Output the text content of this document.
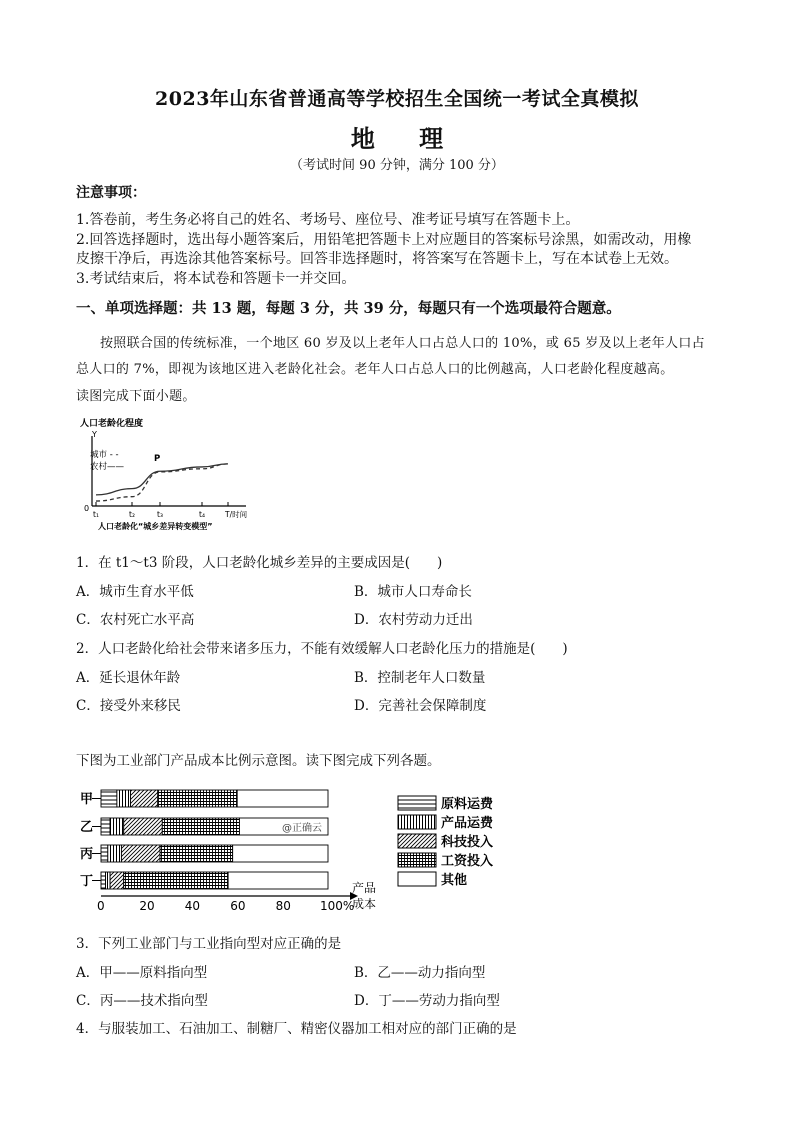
2023年山东省普通高等学校招生全国统一考试全真模拟
地 理
（考试时间 90 分钟，满分 100 分）
注意事项：
1.答卷前，考生务必将自己的姓名、考场号、座位号、准考证号填写在答题卡上。
2.回答选择题时，选出每小题答案后，用铅笔把答题卡上对应题目的答案标号涂黑，如需改动，用橡
皮擦干净后，再选涂其他答案标号。回答非选择题时，将答案写在答题卡上，写在本试卷上无效。
3.考试结束后，将本试卷和答题卡一并交回。
一、单项选择题：共 13 题，每题 3 分，共 39 分，每题只有一个选项最符合题意。
按照联合国的传统标准，一个地区 60 岁及以上老年人口占总人口的 10%，或 65 岁及以上老年人口占
总人口的 7%，即视为该地区进入老龄化社会。老年人口占总人口的比例越高，人口老龄化程度越高。
读图完成下面小题。
人口老龄化程度
Y
0
城市 - -
农村——
P
t₁	t₂	t₃	t₄	T/时间
人口老龄化“城乡差异转变模型”
1．在 t1～t3 阶段，人口老龄化城乡差异的主要成因是(　　)
A．城市生育水平低	B．城市人口寿命长
C．农村死亡水平高	D．农村劳动力迁出
2．人口老龄化给社会带来诸多压力，不能有效缓解人口老龄化压力的措施是(　　)
A．延长退休年龄	B．控制老年人口数量
C．接受外来移民	D．完善社会保障制度
下图为工业部门产品成本比例示意图。读下图完成下列各题。
甲
乙
丙
丁
0	20	40	60	80 100%
产品
成本
@正确云
原料运费
产品运费
科技投入
工资投入
其他
3．下列工业部门与工业指向型对应正确的是
A．甲——原料指向型	B．乙——动力指向型
C．丙——技术指向型	D．丁——劳动力指向型
4．与服装加工、石油加工、制糖厂、精密仪器加工相对应的部门正确的是
